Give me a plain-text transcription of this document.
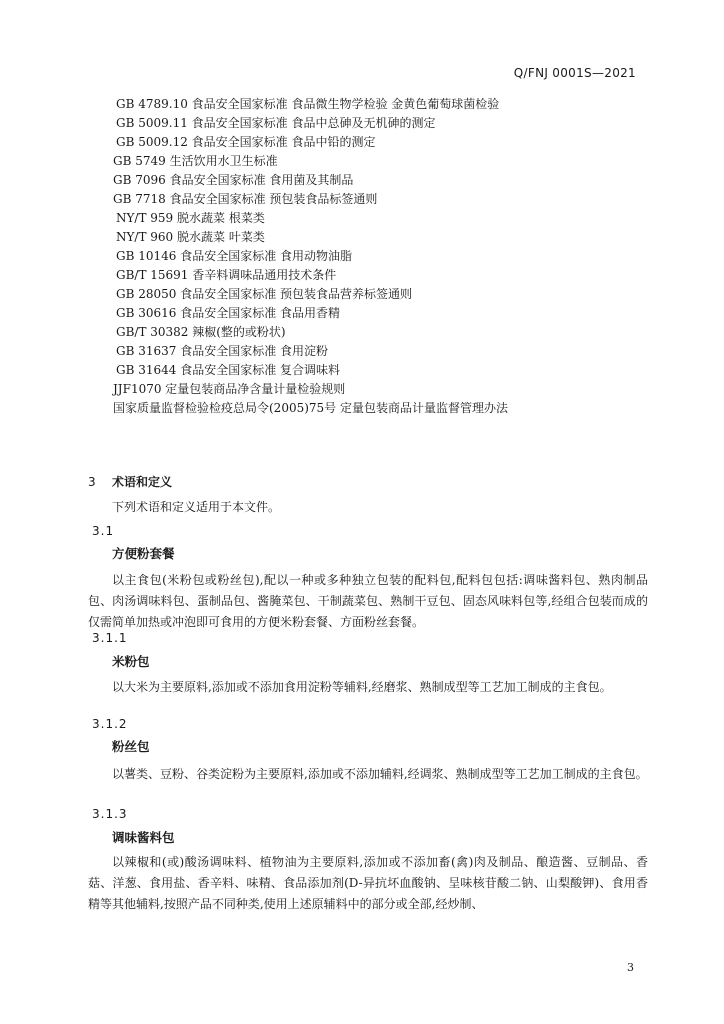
Q/FNJ 0001S—2021
GB 4789.10 食品安全国家标准 食品微生物学检验 金黄色葡萄球菌检验
GB 5009.11 食品安全国家标准 食品中总砷及无机砷的测定
GB 5009.12 食品安全国家标准 食品中铅的测定
GB 5749 生活饮用水卫生标准
GB 7096 食品安全国家标准 食用菌及其制品
GB 7718 食品安全国家标准 预包装食品标签通则
NY/T 959 脱水蔬菜 根菜类
NY/T 960 脱水蔬菜 叶菜类
GB 10146 食品安全国家标准 食用动物油脂
GB/T 15691 香辛料调味品通用技术条件
GB 28050 食品安全国家标准 预包装食品营养标签通则
GB 30616 食品安全国家标准 食品用香精
GB/T 30382 辣椒(整的或粉状)
GB 31637 食品安全国家标准 食用淀粉
GB 31644 食品安全国家标准 复合调味料
JJF1070 定量包装商品净含量计量检验规则
国家质量监督检验检疫总局令(2005)75号 定量包装商品计量监督管理办法
3 术语和定义

下列术语和定义适用于本文件。

3.1
方便粉套餐

以主食包(米粉包或粉丝包),配以一种或多种独立包装的配料包,配料包包括:调味酱料包、熟肉制品包、肉汤调味料包、蛋制品包、酱腌菜包、干制蔬菜包、熟制干豆包、固态风味料包等,经组合包装而成的仅需简单加热或冲泡即可食用的方便米粉套餐、方面粉丝套餐。

3.1.1
米粉包

以大米为主要原料,添加或不添加食用淀粉等辅料,经磨浆、熟制成型等工艺加工制成的主食包。

3.1.2
粉丝包

以薯类、豆粉、谷类淀粉为主要原料,添加或不添加辅料,经调浆、熟制成型等工艺加工制成的主食包。

3.1.3
调味酱料包

以辣椒和(或)酸汤调味料、植物油为主要原料,添加或不添加畜(禽)肉及制品、酿造酱、豆制品、香菇、洋葱、食用盐、香辛料、味精、食品添加剂(D-异抗坏血酸钠、呈味核苷酸二钠、山梨酸钾)、食用香精等其他辅料,按照产品不同种类,使用上述原辅料中的部分或全部,经炒制、

3
